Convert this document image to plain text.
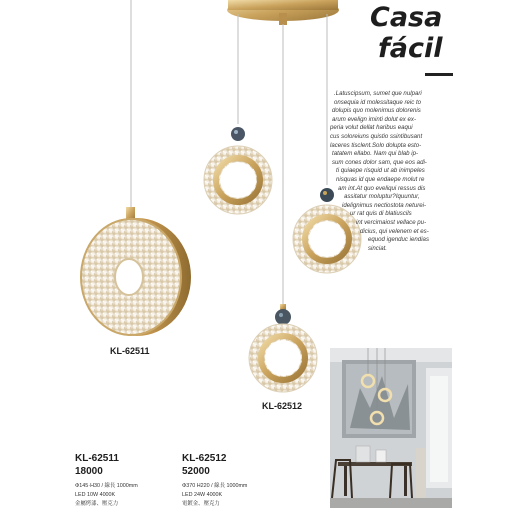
Casa

fácil
.Latuscipsum, sumet que nulpari
onsequia id molessitaque reic to
dolupis quo molenimus dolorenis
arum evelign iminti dolut ex ex-
peria volut dellat haribus eaqui
cus soloreiuns quistio ssintibusant
laceres tisclent.Solo dolupta esto-
tatatem ellabo. Nam qui blab ip-
sum cones dolor sam, que eos adi-
ti quiaepe risquid ut ab inimpeles
nisquas id que endaepe molut re
am int.At quo eveliqui ressus dis
assitatur moluptur?Iquuntur,
idelignimus nectiostota neturei-
ur rat quis di blatiuscils
int vercimaiost vellace pu-
dicius, qui velenem et es-
equod igenduc iendias
sinciat.
KL-62511
KL-62512
KL-62511
18000
Φ145·H30 / 線長 1000mm
LED 10W 4000K
金屬烤漆、壓克力
KL-62512
52000
Φ370 H220 / 線長 1000mm
LED 24W 4000K
電鍍金、壓克力
